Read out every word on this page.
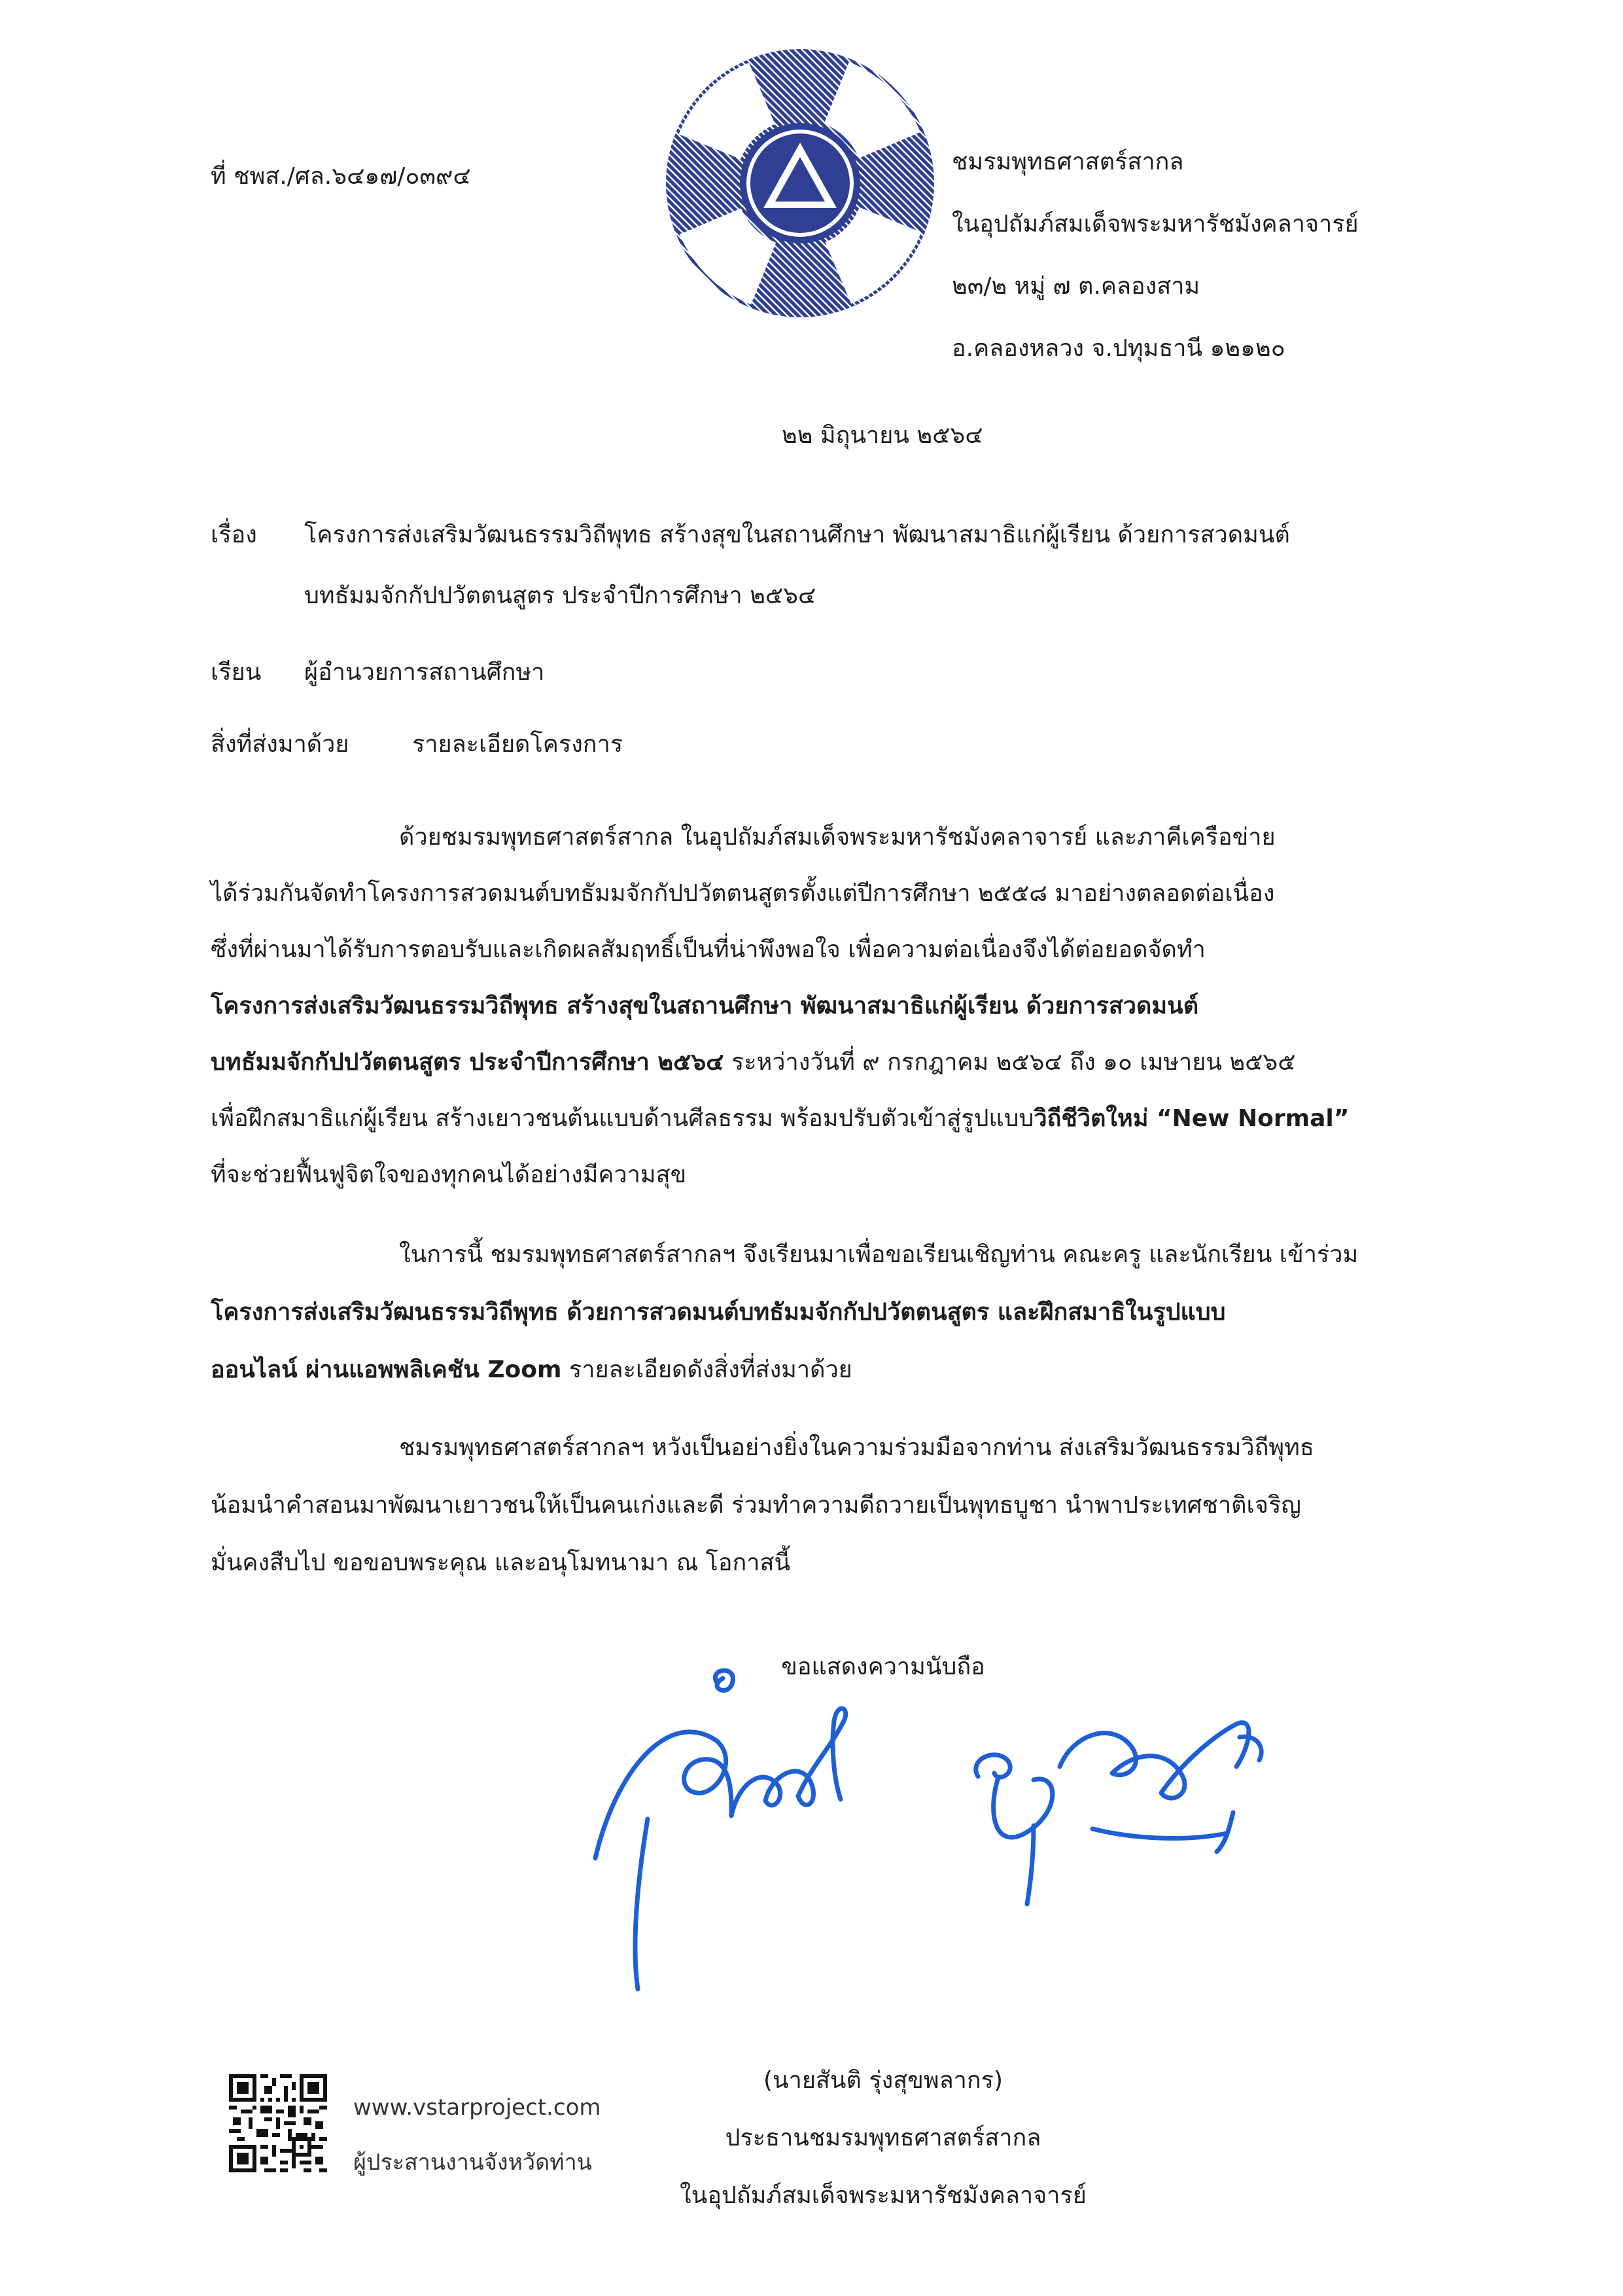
ที่ ชพส./ศล.๖๔๑๗/๐๓๙๔
ชมรมพุทธศาสตร์สากล
ในอุปถัมภ์สมเด็จพระมหารัชมังคลาจารย์
๒๓/๒ หมู่ ๗ ต.คลองสาม
อ.คลองหลวง จ.ปทุมธานี ๑๒๑๒๐
๒๒ มิถุนายน ๒๕๖๔
เรื่อง โครงการส่งเสริมวัฒนธรรมวิถีพุทธ สร้างสุขในสถานศึกษา พัฒนาสมาธิแก่ผู้เรียน ด้วยการสวดมนต์
บทธัมมจักกัปปวัตตนสูตร ประจำปีการศึกษา ๒๕๖๔
เรียน ผู้อำนวยการสถานศึกษา
สิ่งที่ส่งมาด้วย	รายละเอียดโครงการ
ด้วยชมรมพุทธศาสตร์สากล ในอุปถัมภ์สมเด็จพระมหารัชมังคลาจารย์ และภาคีเครือข่าย
ได้ร่วมกันจัดทำโครงการสวดมนต์บทธัมมจักกัปปวัตตนสูตรตั้งแต่ปีการศึกษา ๒๕๕๘ มาอย่างตลอดต่อเนื่อง
ซึ่งที่ผ่านมาได้รับการตอบรับและเกิดผลสัมฤทธิ์เป็นที่น่าพึงพอใจ เพื่อความต่อเนื่องจึงได้ต่อยอดจัดทำ
โครงการส่งเสริมวัฒนธรรมวิถีพุทธ สร้างสุขในสถานศึกษา พัฒนาสมาธิแก่ผู้เรียน ด้วยการสวดมนต์
บทธัมมจักกัปปวัตตนสูตร ประจำปีการศึกษา ๒๕๖๔ ระหว่างวันที่ ๙ กรกฎาคม ๒๕๖๔ ถึง ๑๐ เมษายน ๒๕๖๕
เพื่อฝึกสมาธิแก่ผู้เรียน สร้างเยาวชนต้นแบบด้านศีลธรรม พร้อมปรับตัวเข้าสู่รูปแบบวิถีชีวิตใหม่ “New Normal”
ที่จะช่วยฟื้นฟูจิตใจของทุกคนได้อย่างมีความสุข
ในการนี้ ชมรมพุทธศาสตร์สากลฯ จึงเรียนมาเพื่อขอเรียนเชิญท่าน คณะครู และนักเรียน เข้าร่วม
โครงการส่งเสริมวัฒนธรรมวิถีพุทธ ด้วยการสวดมนต์บทธัมมจักกัปปวัตตนสูตร และฝึกสมาธิในรูปแบบ
ออนไลน์ ผ่านแอพพลิเคชัน Zoom รายละเอียดดังสิ่งที่ส่งมาด้วย
ชมรมพุทธศาสตร์สากลฯ หวังเป็นอย่างยิ่งในความร่วมมือจากท่าน ส่งเสริมวัฒนธรรมวิถีพุทธ
น้อมนำคำสอนมาพัฒนาเยาวชนให้เป็นคนเก่งและดี ร่วมทำความดีถวายเป็นพุทธบูชา นำพาประเทศชาติเจริญ
มั่นคงสืบไป ขอขอบพระคุณ และอนุโมทนามา ณ โอกาสนี้
ขอแสดงความนับถือ
(นายสันติ รุ่งสุขพลากร)
ประธานชมรมพุทธศาสตร์สากล
ในอุปถัมภ์สมเด็จพระมหารัชมังคลาจารย์
www.vstarproject.com
ผู้ประสานงานจังหวัดท่าน
